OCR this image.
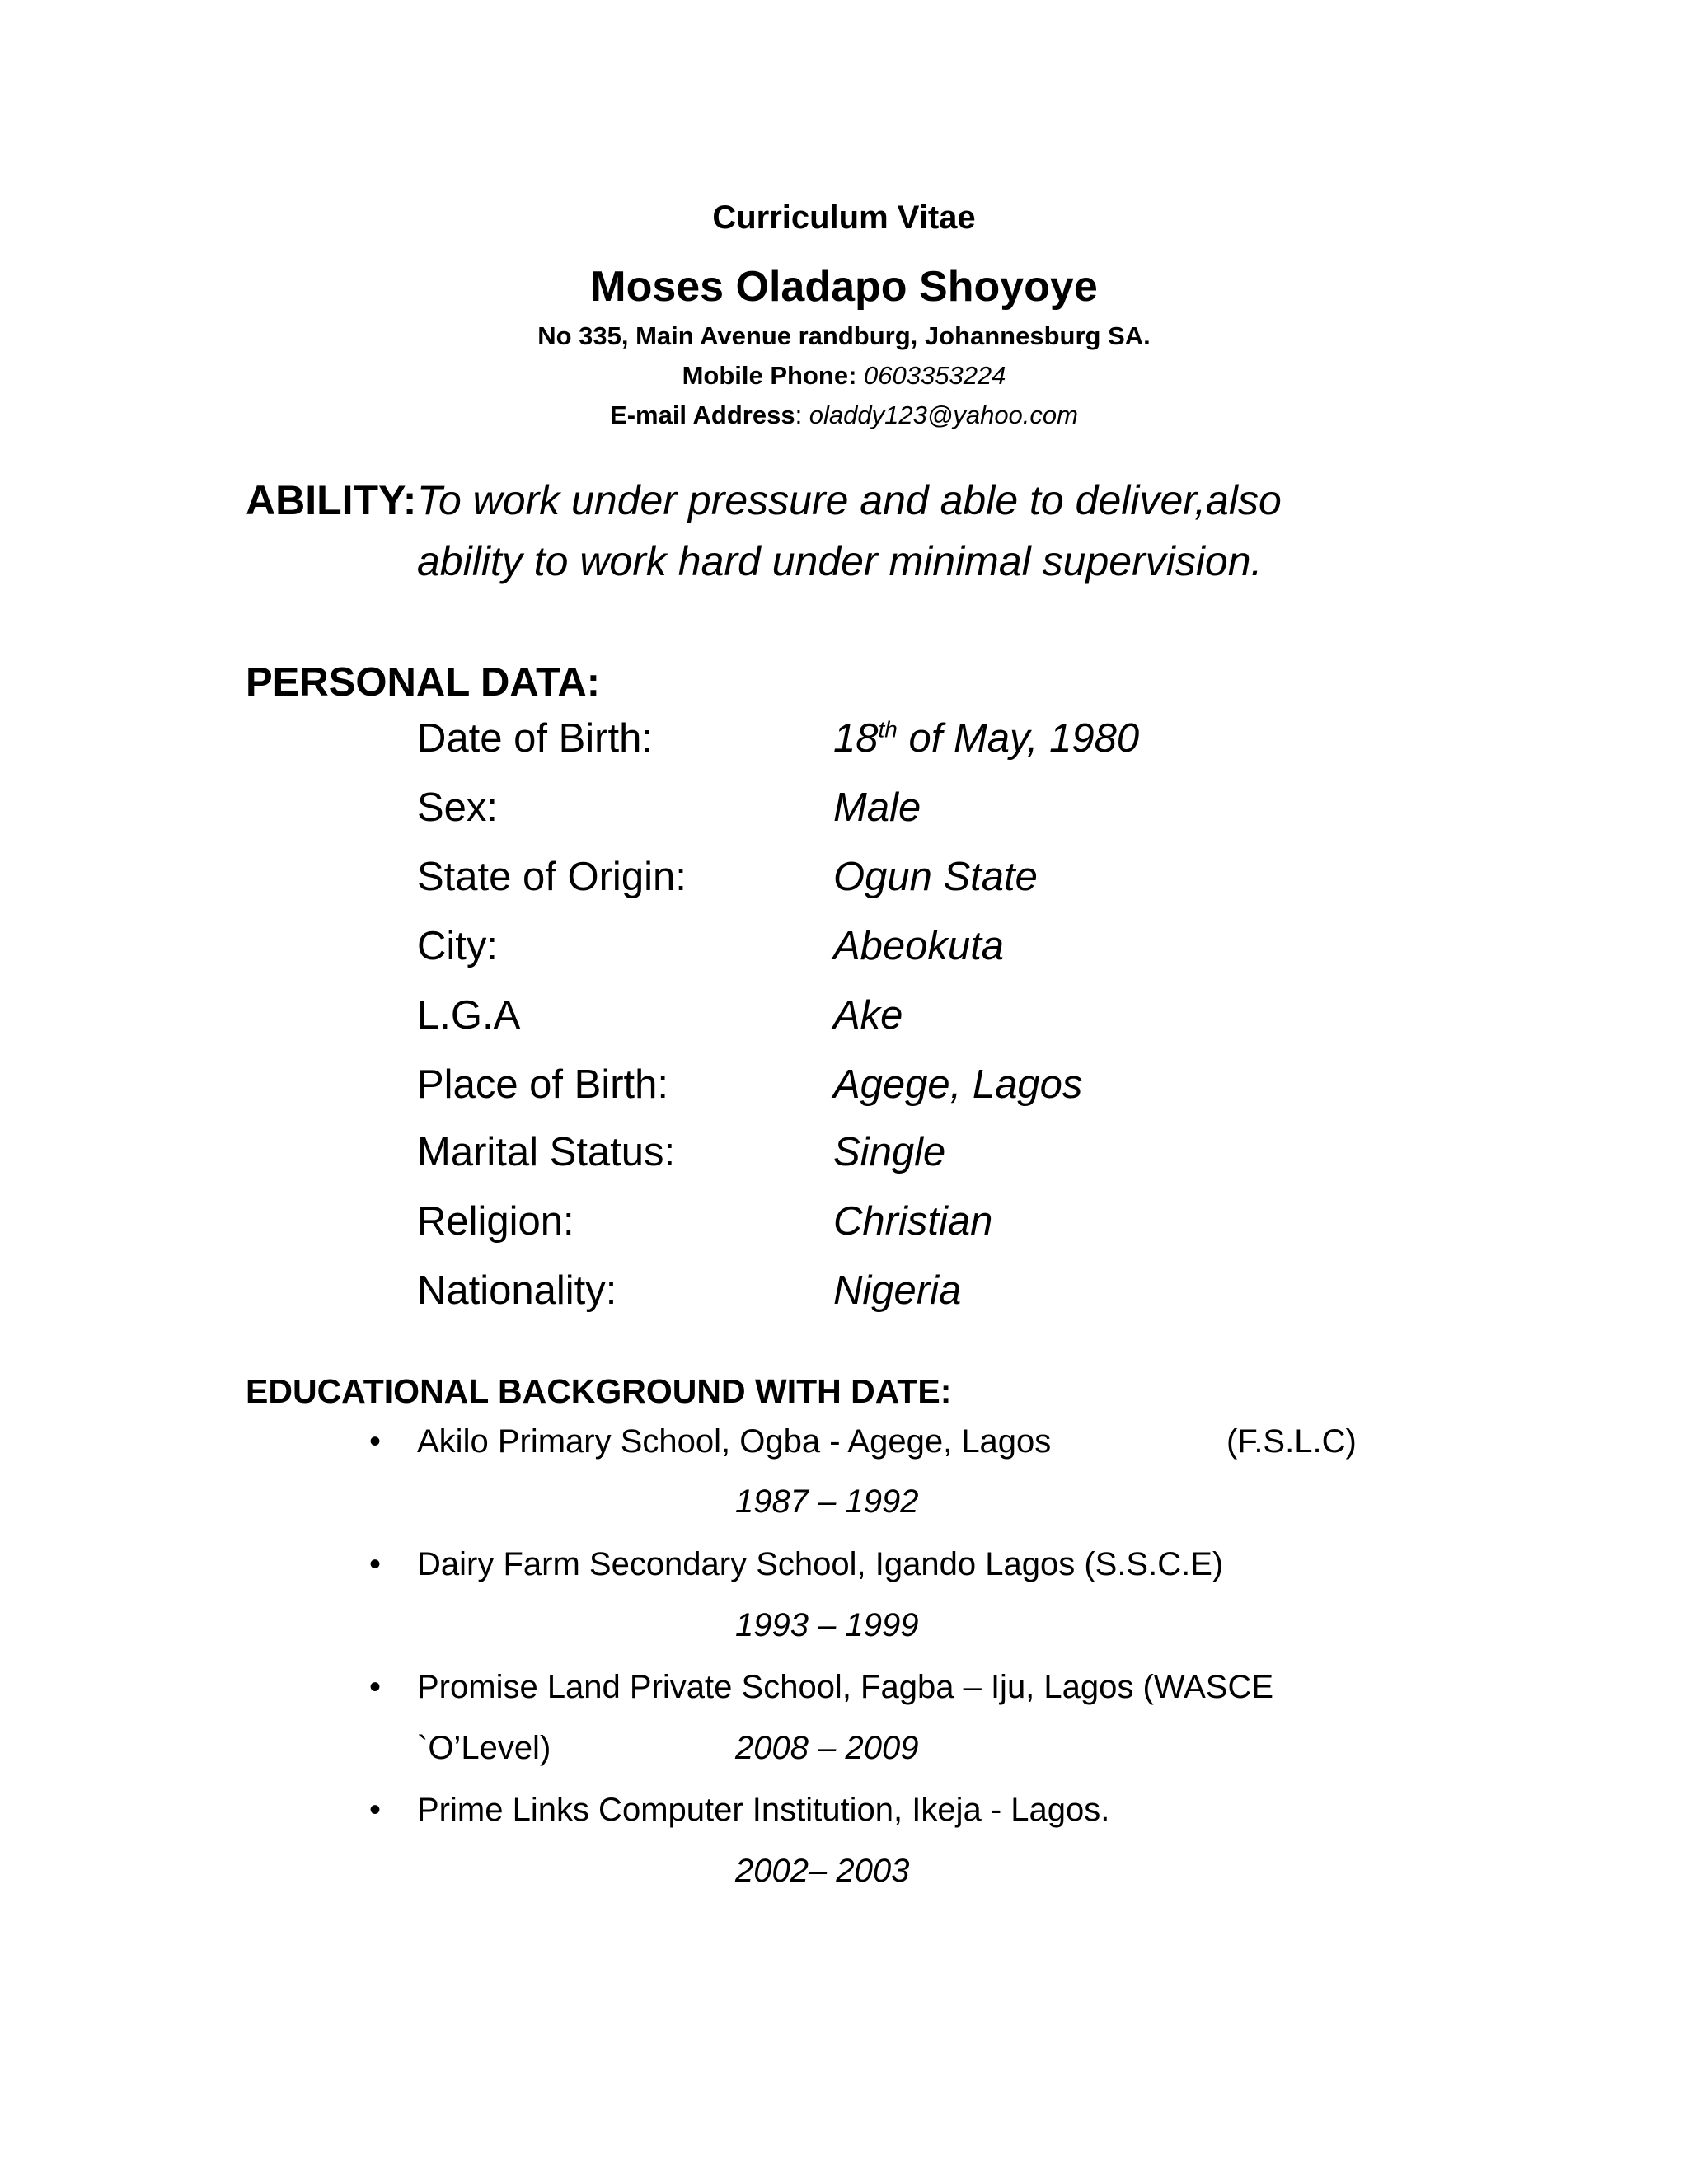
Curriculum Vitae
Moses Oladapo Shoyoye
No 335, Main Avenue randburg, Johannesburg SA.
Mobile Phone: 0603353224
E-mail Address: oladdy123@yahoo.com
ABILITY: To work under pressure and able to deliver,also
ability to work hard under minimal supervision.
PERSONAL DATA:
Date of Birth:	18th of May, 1980
Sex:	Male
State of Origin:	Ogun State
City:	Abeokuta
L.G.A	Ake
Place of Birth:	Agege, Lagos
Marital Status:	Single
Religion:	Christian
Nationality:	Nigeria
EDUCATIONAL BACKGROUND WITH DATE:
• Akilo Primary School, Ogba - Agege, Lagos	(F.S.L.C)
1987 – 1992
• Dairy Farm Secondary School, Igando Lagos (S.S.C.E)
1993 – 1999
• Promise Land Private School, Fagba – Iju, Lagos (WASCE
`O’Level)	2008 – 2009
• Prime Links Computer Institution, Ikeja - Lagos.
2002– 2003
